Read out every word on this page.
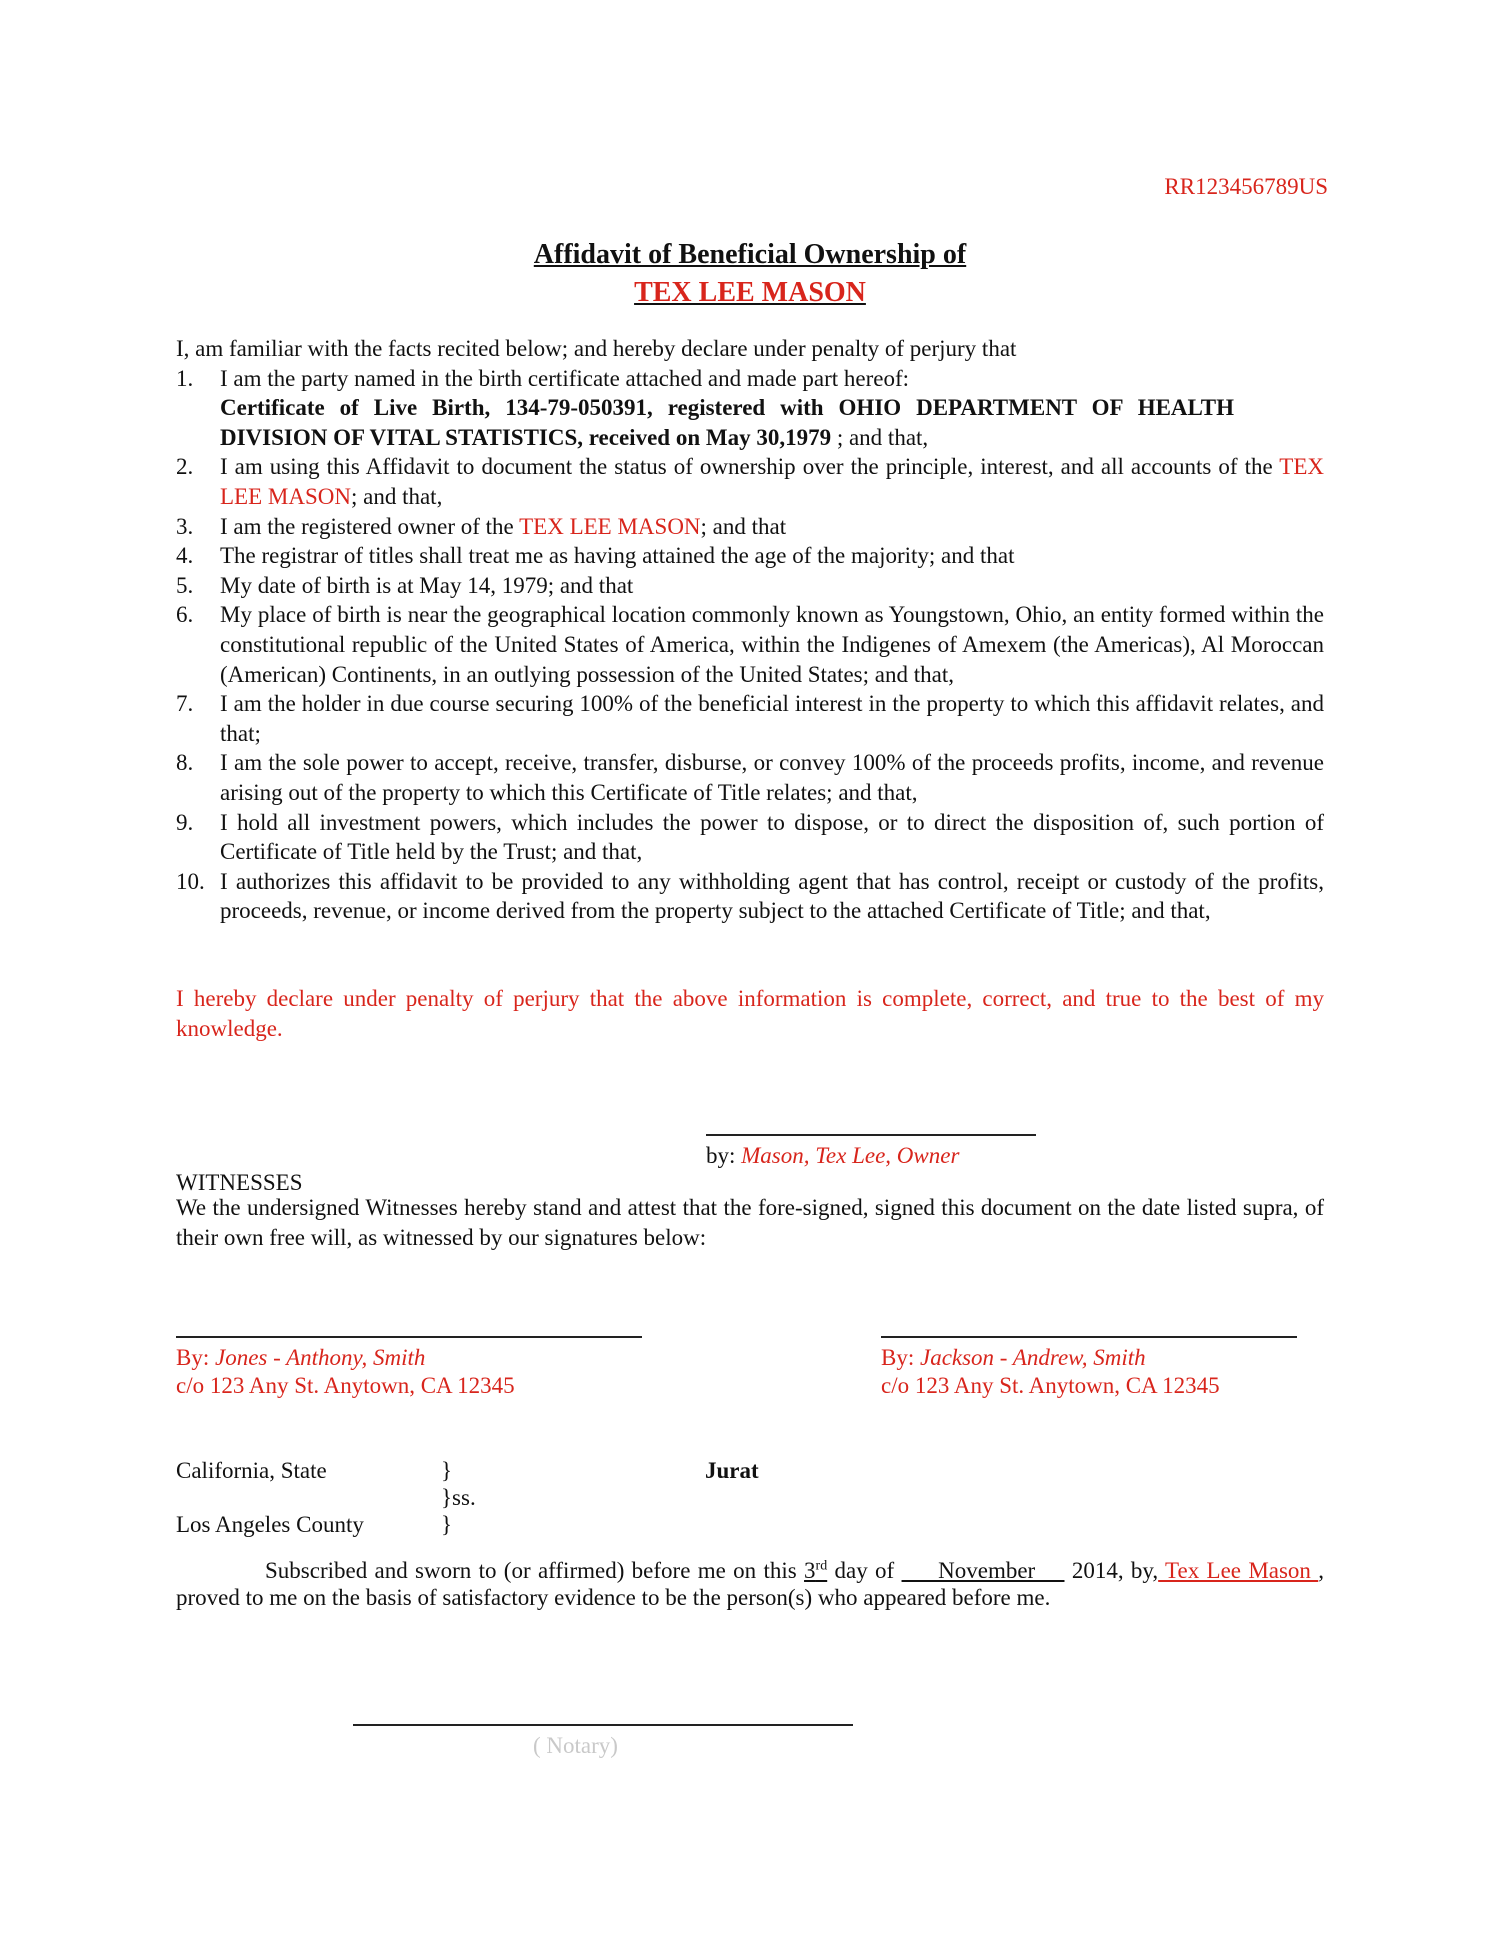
RR123456789US
Affidavit of Beneficial Ownership of
TEX LEE MASON

I, am familiar with the facts recited below; and hereby declare under penalty of perjury that

1. I am the party named in the birth certificate attached and made part hereof:
Certificate of Live Birth, 134-79-050391, registered with OHIO DEPARTMENT OF HEALTH DIVISION OF VITAL STATISTICS, received on May 30,1979 ; and that,
2. I am using this Affidavit to document the status of ownership over the principle, interest, and all accounts of the TEX LEE MASON; and that,
3. I am the registered owner of the TEX LEE MASON; and that
4. The registrar of titles shall treat me as having attained the age of the majority; and that
5. My date of birth is at May 14, 1979; and that
6. My place of birth is near the geographical location commonly known as Youngstown, Ohio, an entity formed within the constitutional republic of the United States of America, within the Indigenes of Amexem (the Americas), Al Moroccan (American) Continents, in an outlying possession of the United States; and that,
7. I am the holder in due course securing 100% of the beneficial interest in the property to which this affidavit relates, and that;
8. I am the sole power to accept, receive, transfer, disburse, or convey 100% of the proceeds profits, income, and revenue arising out of the property to which this Certificate of Title relates; and that,
9. I hold all investment powers, which includes the power to dispose, or to direct the disposition of, such portion of Certificate of Title held by the Trust; and that,
10. I authorizes this affidavit to be provided to any withholding agent that has control, receipt or custody of the profits, proceeds, revenue, or income derived from the property subject to the attached Certificate of Title; and that,

I hereby declare under penalty of perjury that the above information is complete, correct, and true to the best of my knowledge.

by: Mason, Tex Lee, Owner
WITNESSES

We the undersigned Witnesses hereby stand and attest that the fore-signed, signed this document on the date listed supra, of their own free will, as witnessed by our signatures below:

By: Jones - Anthony, Smith
c/o 123 Any St. Anytown, CA 12345
By: Jackson - Andrew, Smith
c/o 123 Any St. Anytown, CA 12345
California, State
Los Angeles County
}
}ss.
}
Jurat

Subscribed and sworn to (or affirmed) before me on this 3rd day of      November     2014, by, Tex Lee Mason , proved to me on the basis of satisfactory evidence to be the person(s) who appeared before me.

( Notary)
